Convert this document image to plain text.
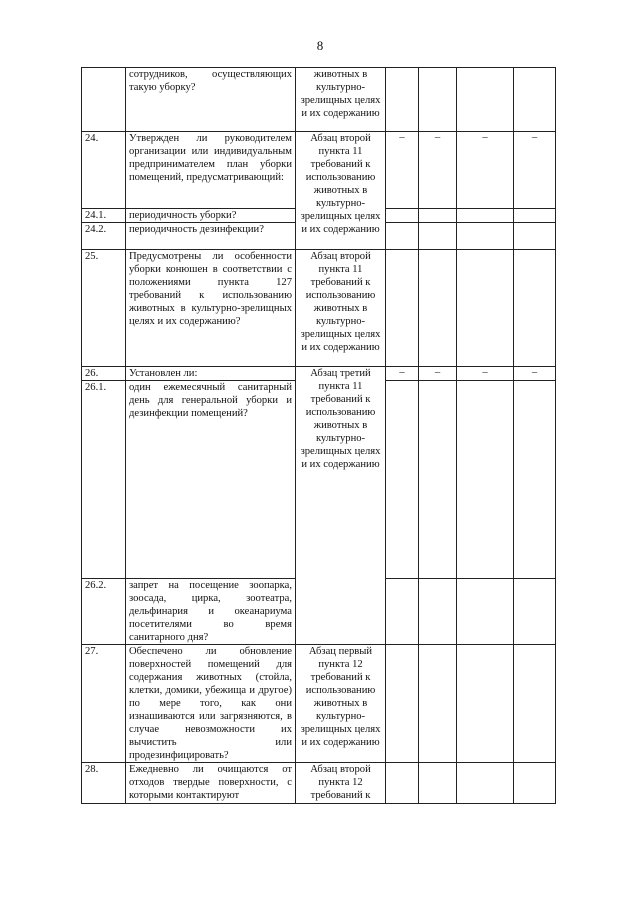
8
	сотрудников, осуществляющих такую уборку?	животных в культурно-зрелищных целях и их содержанию				
24.	Утвержден ли руководителем организации или индивидуальным предпринимателем план уборки помещений, предусматривающий:	Абзац второй пункта 11 требований к использованию животных в культурно-зрелищных целях и их содержанию	–	–	–	–

24.1.	периодичность уборки?					
24.2.	периодичность дезинфекции?					
25.	Предусмотрены ли особенности уборки конюшен в соответствии с положениями пункта 127 требований к использованию животных в культурно-зрелищных целях и их содержанию?	Абзац второй пункта 11 требований к использованию животных в культурно-зрелищных целях и их содержанию				
26.	Установлен ли:	Абзац третий пункта 11 требований к использованию животных в культурно-зрелищных целях и их содержанию	–	–	–	–

26.1.	один ежемесячный санитарный день для генеральной уборки и дезинфекции помещений?					
26.2.	запрет на посещение зоопарка, зоосада, цирка, зоотеатра, дельфинария и океанариума посетителями во время санитарного дня?					
27.	Обеспечено ли обновление поверхностей помещений для содержания животных (стойла, клетки, домики, убежища и другое) по мере того, как они изнашиваются или загрязняются, в случае невозможности их вычистить или продезинфицировать?	Абзац первый пункта 12 требований к использованию животных в культурно-зрелищных целях и их содержанию				
28.	Ежедневно ли очищаются от отходов твердые поверхности, с которыми контактируют	Абзац второй пункта 12 требований к				
